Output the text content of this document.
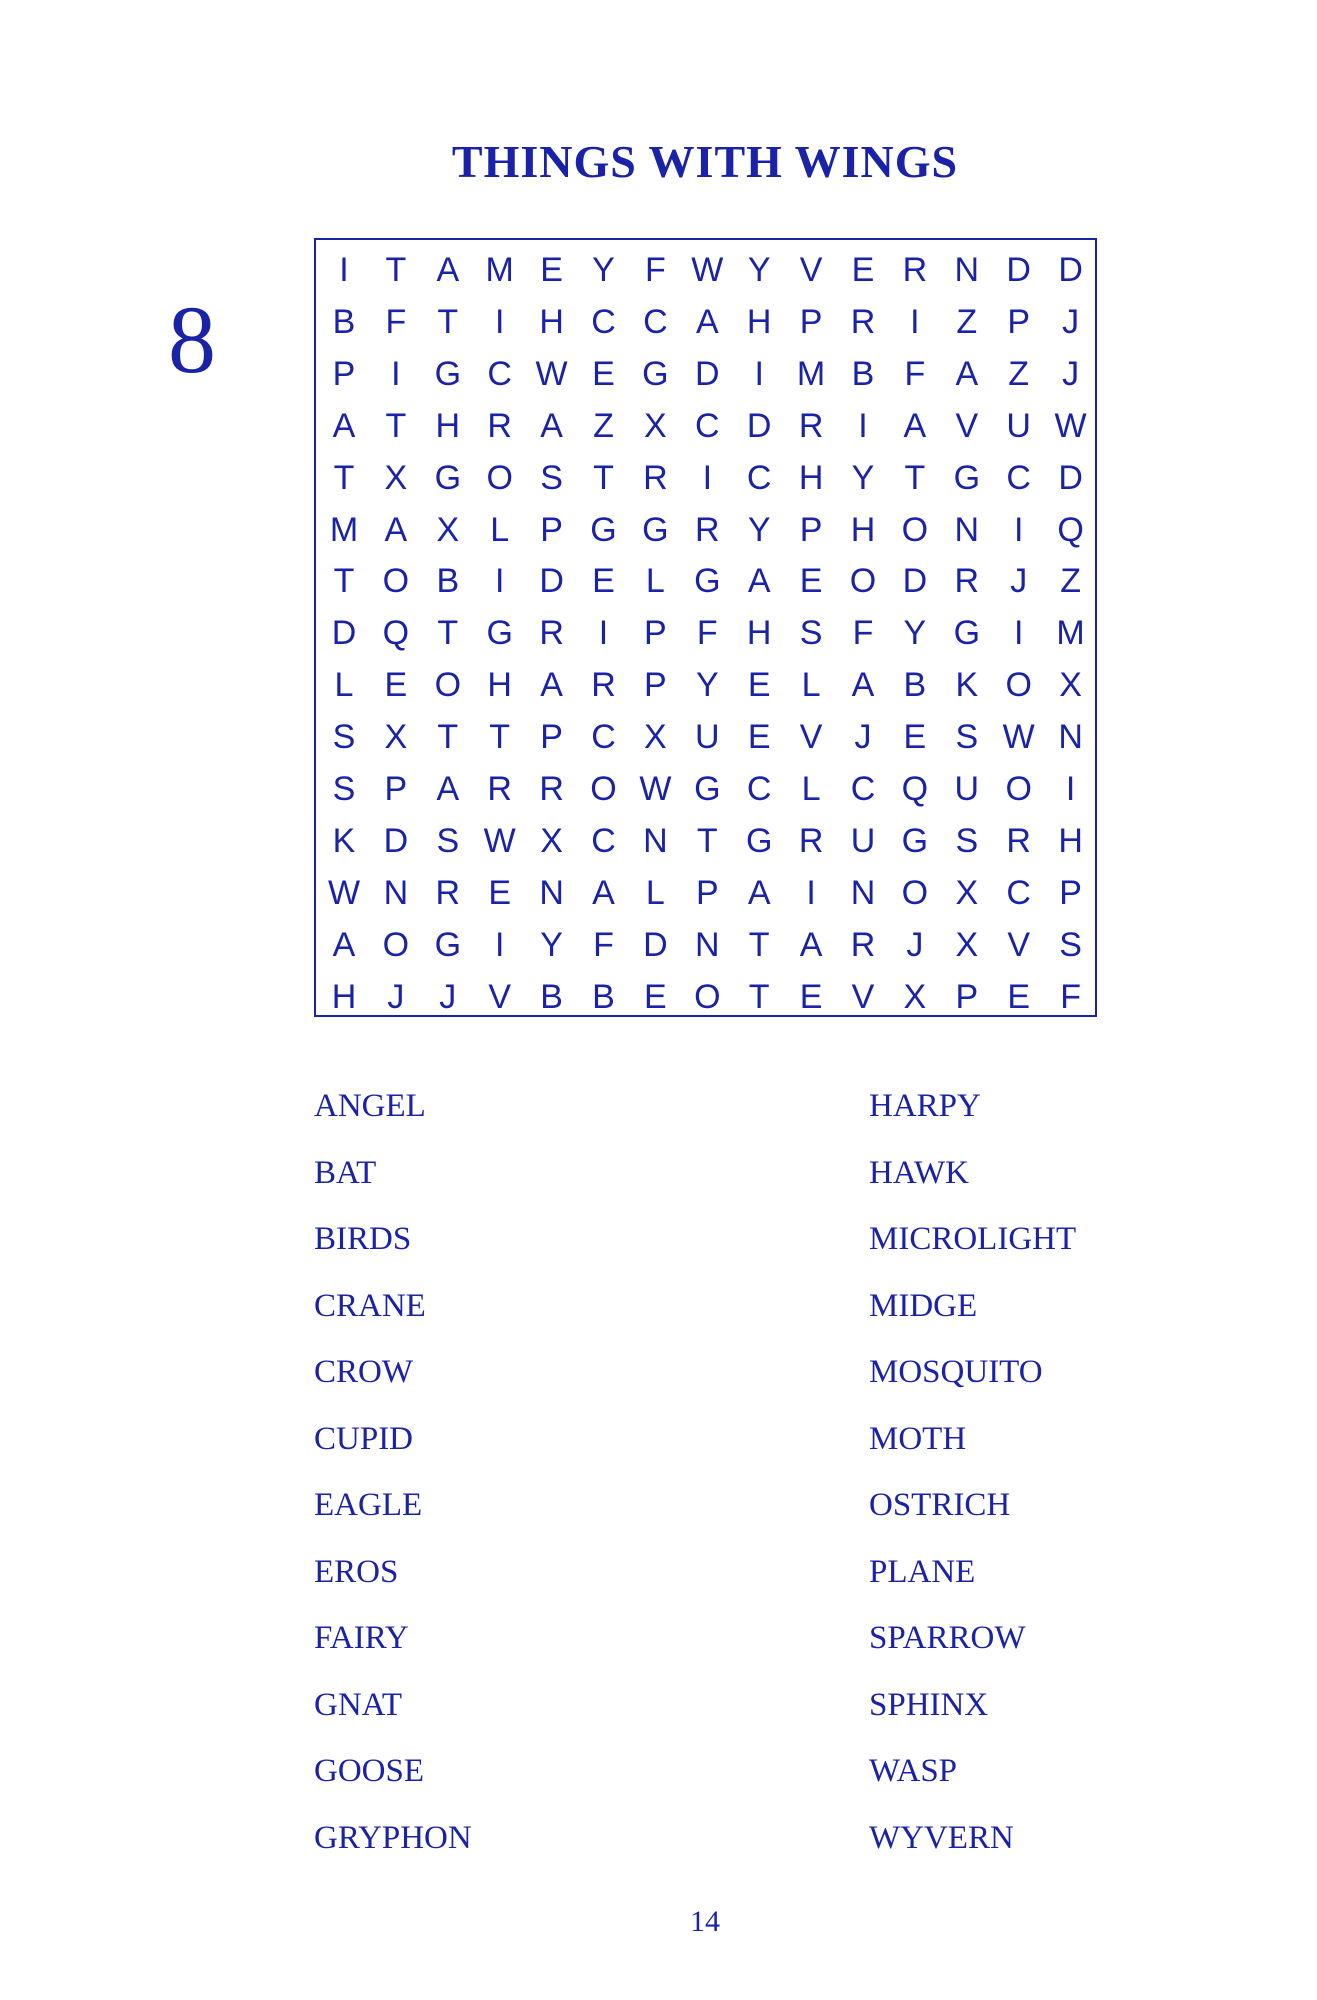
THINGS WITH WINGS
8
I	T A M E Y F W Y V E R N D D
B F T	I	H C C A H P R	I	Z P J
P	I G C W E G D	I M B F A Z J
A T H R A Z X C D R	I	A V U W
T X G O S T R	I	C H Y T G C D
M A X L P G G R Y P H O N	I Q
T O B	I	D E L G A E O D R J Z
D Q T G R	I	P F H S F Y G I M
L E O H A R P Y E L A B K O X
S X T T P C X U E V J E S W N
S P A R R O W G C L C Q U O I
K D S W X C N T G R U G S R H
W N R E N A L P A	I	N O X C P
A O G I	Y F D N T A R J X V S
H J	J V B B E O T E V X P E F
ANGEL
BAT
BIRDS
CRANE
CROW
CUPID
EAGLE
EROS
FAIRY
GNAT
GOOSE
GRYPHON
HARPY
HAWK
MICROLIGHT
MIDGE
MOSQUITO
MOTH
OSTRICH
PLANE
SPARROW
SPHINX
WASP
WYVERN
14
